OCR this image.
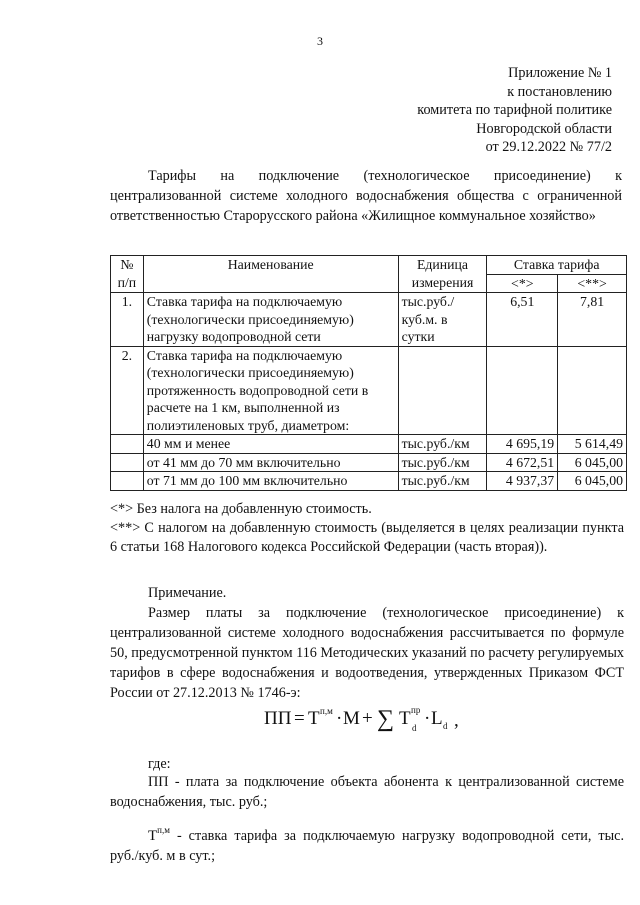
3
Приложение № 1
к постановлению
комитета по тарифной политике
Новгородской области
от 29.12.2022 № 77/2

Тарифы на подключение (технологическое присоединение) к централизованной системе холодного водоснабжения общества с ограниченной ответственностью Старорусского района «Жилищное коммунальное хозяйство»

№ п/п	Наименование	Единица измерения	Ставка тарифа	
			<*>	<**>
1.	Ставка тарифа на подключаемую (технологически присоединяемую) нагрузку водопроводной сети	тыс.руб./ куб.м. в сутки	6,51	7,81
2.	Ставка тарифа на подключаемую (технологически присоединяемую) протяженность водопроводной сети в расчете на 1 км, выполненной из полиэтиленовых труб, диаметром:			
	40 мм и менее	тыс.руб./км	4 695,19	5 614,49
	от 41 мм до 70 мм включительно	тыс.руб./км	4 672,51	6 045,00
	от 71 мм до 100 мм включительно	тыс.руб./км	4 937,37	6 045,00

<*> Без налога на добавленную стоимость.

<**> С налогом на добавленную стоимость (выделяется в целях реализации пункта 6 статьи 168 Налогового кодекса Российской Федерации (часть вторая)).

Примечание.

Размер платы за подключение (технологическое присоединение) к централизованной системе холодного водоснабжения рассчитывается по формуле 50, предусмотренной пунктом 116 Методических указаний по расчету регулируемых тарифов в сфере водоснабжения и водоотведения, утвержденных Приказом ФСТ России от 27.12.2013 № 1746-э:

ПП = Т п,м · М + ∑ Т пр
d · L d ,
где:

ПП - плата за подключение объекта абонента к централизованной системе водоснабжения, тыс. руб.;

$Т^{п,м}$ - ставка тарифа за подключаемую нагрузку водопроводной сети, тыс. руб./куб. м в сут.;
